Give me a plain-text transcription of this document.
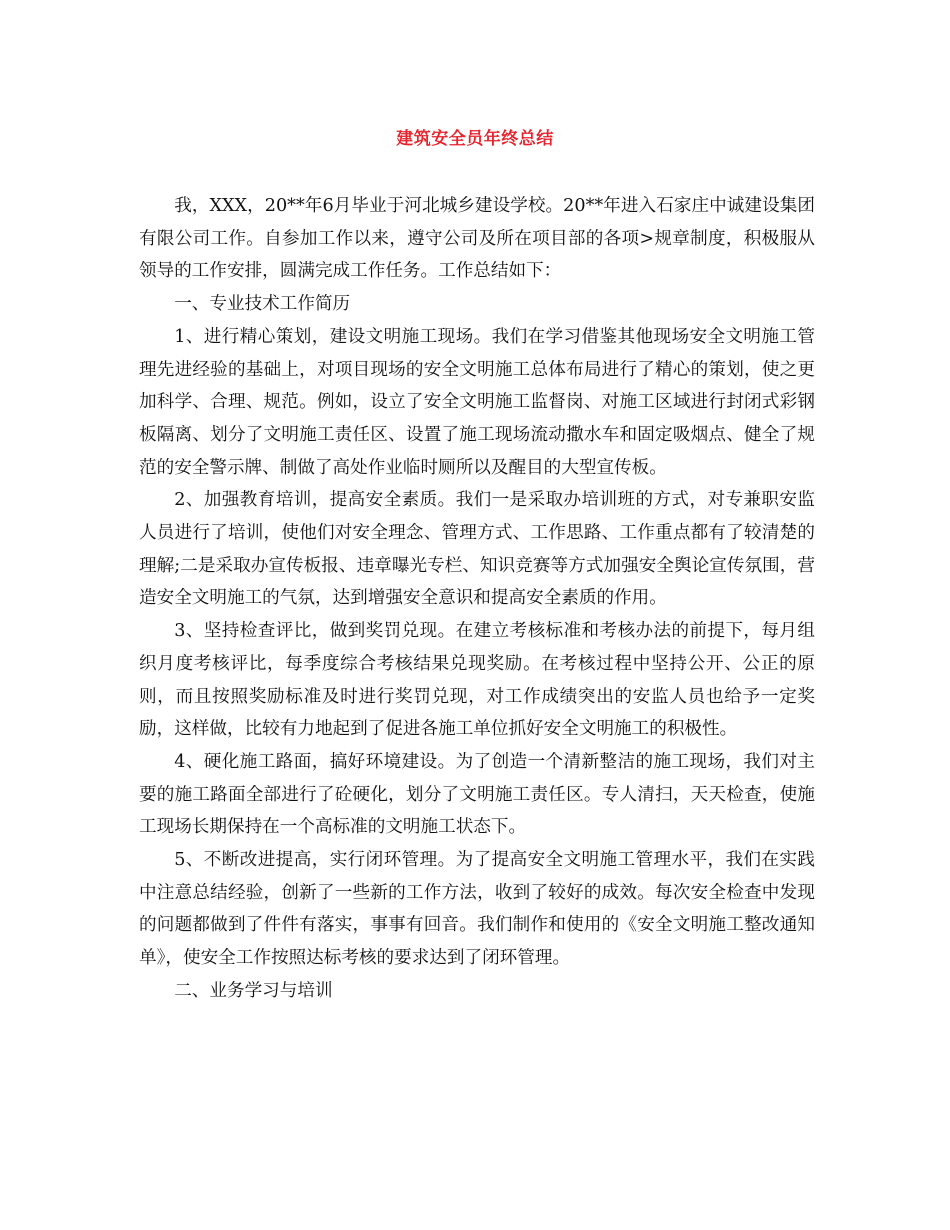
建筑安全员年终总结

我，XXX，20**年6月毕业于河北城乡建设学校。20**年进入石家庄中诚建设集团有限公司工作。自参加工作以来，遵守公司及所在项目部的各项>规章制度，积极服从领导的工作安排，圆满完成工作任务。工作总结如下：

一、专业技术工作简历

1、进行精心策划，建设文明施工现场。我们在学习借鉴其他现场安全文明施工管理先进经验的基础上，对项目现场的安全文明施工总体布局进行了精心的策划，使之更加科学、合理、规范。例如，设立了安全文明施工监督岗、对施工区域进行封闭式彩钢板隔离、划分了文明施工责任区、设置了施工现场流动撒水车和固定吸烟点、健全了规范的安全警示牌、制做了高处作业临时厕所以及醒目的大型宣传板。

2、加强教育培训，提高安全素质。我们一是采取办培训班的方式，对专兼职安监人员进行了培训，使他们对安全理念、管理方式、工作思路、工作重点都有了较清楚的理解;二是采取办宣传板报、违章曝光专栏、知识竞赛等方式加强安全舆论宣传氛围，营造安全文明施工的气氛，达到增强安全意识和提高安全素质的作用。

3、坚持检查评比，做到奖罚兑现。在建立考核标准和考核办法的前提下，每月组织月度考核评比，每季度综合考核结果兑现奖励。在考核过程中坚持公开、公正的原则，而且按照奖励标准及时进行奖罚兑现，对工作成绩突出的安监人员也给予一定奖励，这样做，比较有力地起到了促进各施工单位抓好安全文明施工的积极性。

4、硬化施工路面，搞好环境建设。为了创造一个清新整洁的施工现场，我们对主要的施工路面全部进行了砼硬化，划分了文明施工责任区。专人清扫，天天检查，使施工现场长期保持在一个高标准的文明施工状态下。

5、不断改进提高，实行闭环管理。为了提高安全文明施工管理水平，我们在实践中注意总结经验，创新了一些新的工作方法，收到了较好的成效。每次安全检查中发现的问题都做到了件件有落实，事事有回音。我们制作和使用的《安全文明施工整改通知单》，使安全工作按照达标考核的要求达到了闭环管理。

二、业务学习与培训
